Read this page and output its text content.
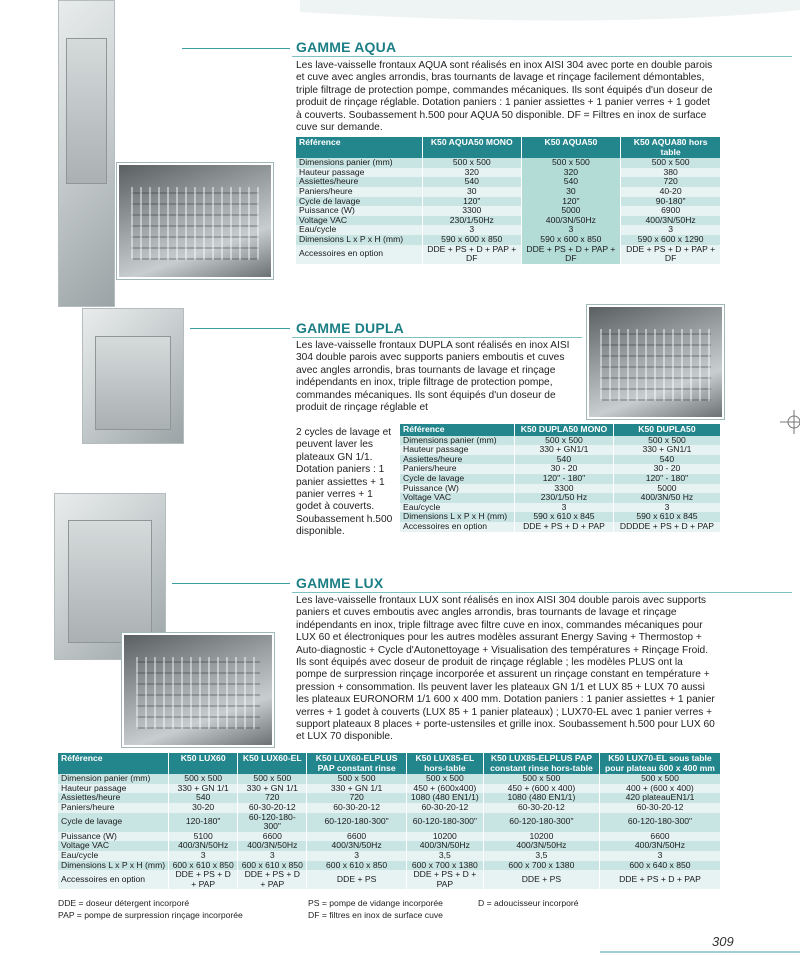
GAMME AQUA
Les lave-vaisselle frontaux AQUA sont réalisés en inox AISI 304 avec porte en double parois et cuve avec angles arrondis, bras tournants de lavage et rinçage facilement démontables, triple filtrage de protection pompe, commandes mécaniques. Ils sont équipés d'un doseur de produit de rinçage réglable. Dotation paniers : 1 panier assiettes + 1 panier verres + 1 godet à couverts. Soubassement h.500 pour AQUA 50 disponible. DF = Filtres en inox de surface cuve sur demande.
Référence	K50 AQUA50 MONO	K50 AQUA50	K50 AQUA80 hors table
Dimensions panier (mm)	500 x 500	500 x 500	500 x 500
Hauteur passage	320	320	380
Assiettes/heure	540	540	720
Paniers/heure	30	30	40-20
Cycle de lavage	120"	120"	90-180"
Puissance (W)	3300	5000	6900
Voltage VAC	230/1/50Hz	400/3N/50Hz	400/3N/50Hz
Eau/cycle	3	3	3
Dimensions L x P x H (mm)	590 x 600 x 850	590 x 600 x 850	590 x 600 x 1290
Accessoires en option	DDE + PS + D + PAP + DF	DDE + PS + D + PAP + DF	DDE + PS + D + PAP + DF
GAMME DUPLA
Les lave-vaisselle frontaux DUPLA sont réalisés en inox AISI 304 double parois avec supports paniers emboutis et cuves avec angles arrondis, bras tournants de lavage et rinçage indépendants en inox, triple filtrage de protection pompe, commandes mécaniques. Ils sont équipés d'un doseur de produit de rinçage réglable et
2 cycles de lavage et peuvent laver les plateaux GN 1/1. Dotation paniers : 1 panier assiettes + 1 panier verres + 1 godet à couverts. Soubassement h.500 disponible.
Référence	K50 DUPLA50 MONO	K50 DUPLA50
Dimensions panier (mm)	500 x 500	500 x 500
Hauteur passage	330 + GN1/1	330 + GN1/1
Assiettes/heure	540	540
Paniers/heure	30 - 20	30 - 20
Cycle de lavage	120" - 180"	120" - 180"
Puissance (W)	3300	5000
Voltage VAC	230/1/50 Hz	400/3N/50 Hz
Eau/cycle	3	3
Dimensions L x P x H (mm)	590 x 610 x 845	590 x 610 x 845
Accessoires en option	DDE + PS + D + PAP	DDDDE + PS + D + PAP
GAMME LUX
Les lave-vaisselle frontaux LUX sont réalisés en inox AISI 304 double parois avec supports paniers et cuves emboutis avec angles arrondis, bras tournants de lavage et rinçage indépendants en inox, triple filtrage avec filtre cuve en inox, commandes mécaniques pour LUX 60 et électroniques pour les autres modèles assurant Energy Saving + Thermostop + Auto-diagnostic + Cycle d'Autonettoyage + Visualisation des températures + Rinçage Froid. Ils sont équipés avec doseur de produit de rinçage réglable ; les modèles PLUS ont la pompe de surpression rinçage incorporée et assurent un rinçage constant en température + pression + consommation. Ils peuvent laver les plateaux GN 1/1 et LUX 85 + LUX 70 aussi les plateaux EURONORM 1/1 600 x 400 mm. Dotation paniers : 1 panier assiettes + 1 panier verres + 1 godet à couverts (LUX 85 + 1 panier plateaux) ; LUX70-EL avec 1 panier verres + support plateaux 8 places + porte-ustensiles et grille inox. Soubassement h.500 pour LUX 60 et LUX 70 disponible.
Référence	K50 LUX60	K50 LUX60-EL	K50 LUX60-ELPLUS PAP constant rinse	K50 LUX85-EL hors-table	K50 LUX85-ELPLUS PAP constant rinse hors-table	K50 LUX70-EL sous table pour plateau 600 x 400 mm
Dimension panier (mm)	500 x 500	500 x 500	500 x 500	500 x 500	500 x 500	500 x 500
Hauteur passage	330 + GN 1/1	330 + GN 1/1	330 + GN 1/1	450 + (600x400)	450 + (600 x 400)	400 + (600 x 400)
Assiettes/heure	540	720	720	1080 (480 EN1/1)	1080 (480 EN1/1)	420 plateauEN1/1
Paniers/heure	30-20	60-30-20-12	60-30-20-12	60-30-20-12	60-30-20-12	60-30-20-12
Cycle de lavage	120-180"	60-120-180-300"	60-120-180-300"	60-120-180-300"	60-120-180-300"	60-120-180-300"
Puissance (W)	5100	6600	6600	10200	10200	6600
Voltage VAC	400/3N/50Hz	400/3N/50Hz	400/3N/50Hz	400/3N/50Hz	400/3N/50Hz	400/3N/50Hz
Eau/cycle	3	3	3	3,5	3,5	3
Dimensions L x P x H (mm)	600 x 610 x 850	600 x 610 x 850	600 x 610 x 850	600 x 700 x 1380	600 x 700 x 1380	600 x 640 x 850
Accessoires en option	DDE + PS + D + PAP	DDE + PS + D + PAP	DDE + PS	DDE + PS + D + PAP	DDE + PS	DDE + PS + D + PAP
DDE = doseur détergent incorporé
PAP = pompe de surpression rinçage incorporée
PS = pompe de vidange incorporée
DF = filtres en inox de surface cuve
D = adoucisseur incorporé
309
